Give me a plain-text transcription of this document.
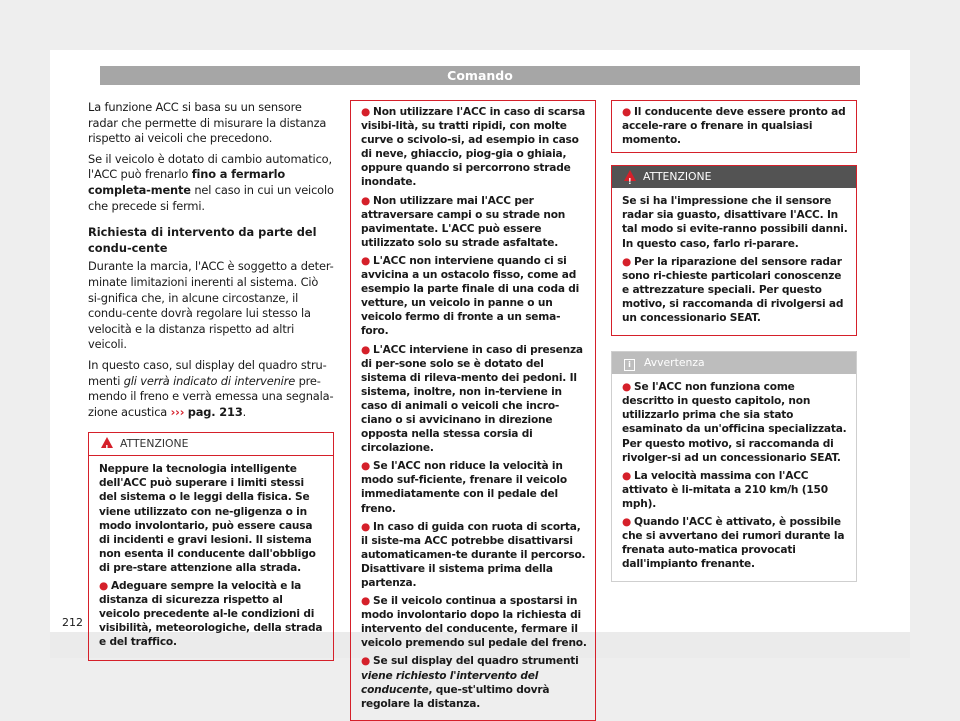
Comando

La funzione ACC si basa su un sensore radar che permette di misurare la distanza rispetto ai veicoli che precedono.

Se il veicolo è dotato di cambio automatico, l'ACC può frenarlo fino a fermarlo completa-mente nel caso in cui un veicolo che precede si fermi.

Richiesta di intervento da parte del condu-cente

Durante la marcia, l'ACC è soggetto a deter-minate limitazioni inerenti al sistema. Ciò si-gnifica che, in alcune circostanze, il condu-cente dovrà regolare lui stesso la velocità e la distanza rispetto ad altri veicoli.

In questo caso, sul display del quadro stru-menti gli verrà indicato di intervenire pre-mendo il freno e verrà emessa una segnala-zione acustica ››› pag. 213.

!ATTENZIONE
Neppure la tecnologia intelligente dell'ACC può superare i limiti stessi del sistema o le leggi della fisica. Se viene utilizzato con ne-gligenza o in modo involontario, può essere causa di incidenti e gravi lesioni. Il sistema non esenta il conducente dall'obbligo di pre-stare attenzione alla strada.
● Adeguare sempre la velocità e la distanza di sicurezza rispetto al veicolo precedente al-le condizioni di visibilità, meteorologiche, della strada e del traffico.
● Non utilizzare l'ACC in caso di scarsa visibi-lità, su tratti ripidi, con molte curve o scivolo-si, ad esempio in caso di neve, ghiaccio, piog-gia o ghiaia, oppure quando si percorrono strade inondate.
● Non utilizzare mai l'ACC per attraversare campi o su strade non pavimentate. L'ACC può essere utilizzato solo su strade asfaltate.
● L'ACC non interviene quando ci si avvicina a un ostacolo fisso, come ad esempio la parte finale di una coda di vetture, un veicolo in panne o un veicolo fermo di fronte a un sema-foro.
● L'ACC interviene in caso di presenza di per-sone solo se è dotato del sistema di rileva-mento dei pedoni. Il sistema, inoltre, non in-terviene in caso di animali o veicoli che incro-ciano o si avvicinano in direzione opposta nella stessa corsia di circolazione.
● Se l'ACC non riduce la velocità in modo suf-ficiente, frenare il veicolo immediatamente con il pedale del freno.
● In caso di guida con ruota di scorta, il siste-ma ACC potrebbe disattivarsi automaticamen-te durante il percorso. Disattivare il sistema prima della partenza.
● Se il veicolo continua a spostarsi in modo involontario dopo la richiesta di intervento del conducente, fermare il veicolo premendo sul pedale del freno.
● Se sul display del quadro strumenti viene richiesto l'intervento del conducente, que-st'ultimo dovrà regolare la distanza.
● Il conducente deve essere pronto ad accele-rare o frenare in qualsiasi momento.
!ATTENZIONE
Se si ha l'impressione che il sensore radar sia guasto, disattivare l'ACC. In tal modo si evite-ranno possibili danni. In questo caso, farlo ri-parare.
● Per la riparazione del sensore radar sono ri-chieste particolari conoscenze e attrezzature speciali. Per questo motivo, si raccomanda di rivolgersi ad un concessionario SEAT.
i Avvertenza
● Se l'ACC non funziona come descritto in questo capitolo, non utilizzarlo prima che sia stato esaminato da un'officina specializzata. Per questo motivo, si raccomanda di rivolger-si ad un concessionario SEAT.
● La velocità massima con l'ACC attivato è li-mitata a 210 km/h (150 mph).
● Quando l'ACC è attivato, è possibile che si avvertano dei rumori durante la frenata auto-matica provocati dall'impianto frenante.
212
